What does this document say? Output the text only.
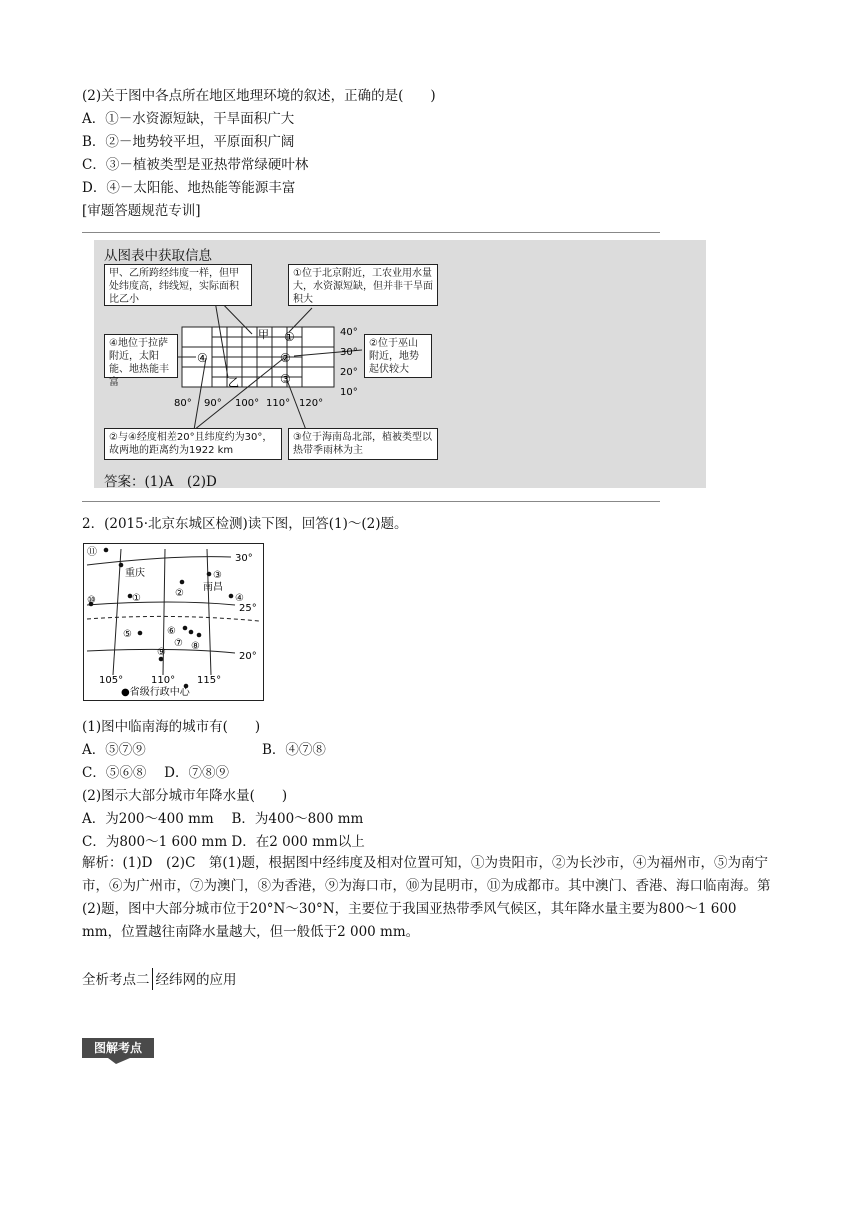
(2)关于图中各点所在地区地理环境的叙述，正确的是(　　)
A．①－水资源短缺，干旱面积广大
B．②－地势较平坦，平原面积广阔
C．③－植被类型是亚热带常绿硬叶林
D．④－太阳能、地热能等能源丰富
[审题答题规范专训]
从图表中获取信息
甲
乙
①
②
③
④
40°
30°
20°
10°
80° 90° 100° 110° 120°
甲、乙所跨经纬度一样，但甲处纬度高，纬线短，实际面积比乙小
①位于北京附近，工农业用水量大，水资源短缺，但并非干旱面积大
④地位于拉萨附近，太阳能、地热能丰富
②位于巫山附近，地势起伏较大
②与④经度相差20°且纬度约为30°，故两地的距离约为1922 km
③位于海南岛北部，植被类型以热带季雨林为主
答案：(1)A　(2)D
2．(2015·北京东城区检测)读下图，回答(1)～(2)题。
⑪
重庆
①	②
③
南昌
④
⑩
⑤	⑥
⑦ ⑧
⑨
30°
25°
20°
105°	110° 115°
●省级行政中心
(1)图中临南海的城市有(　　)
A．⑤⑦⑨	B．④⑦⑧
C．⑤⑥⑧　 D．⑦⑧⑨
(2)图示大部分城市年降水量(　　)
A．为200～400 mm　 B．为400～800 mm
C．为800～1 600 mm D．在2 000 mm以上
解析：(1)D　(2)C　第(1)题，根据图中经纬度及相对位置可知，①为贵阳市，②为长沙市，④为福州市，⑤为南宁市，⑥为广州市，⑦为澳门，⑧为香港，⑨为海口市，⑩为昆明市，⑪为成都市。其中澳门、香港、海口临南海。第(2)题，图中大部分城市位于20°N～30°N，主要位于我国亚热带季风气候区，其年降水量主要为800～1 600 mm，位置越往南降水量越大，但一般低于2 000 mm。
全析考点二 经纬网的应用
图解考点
